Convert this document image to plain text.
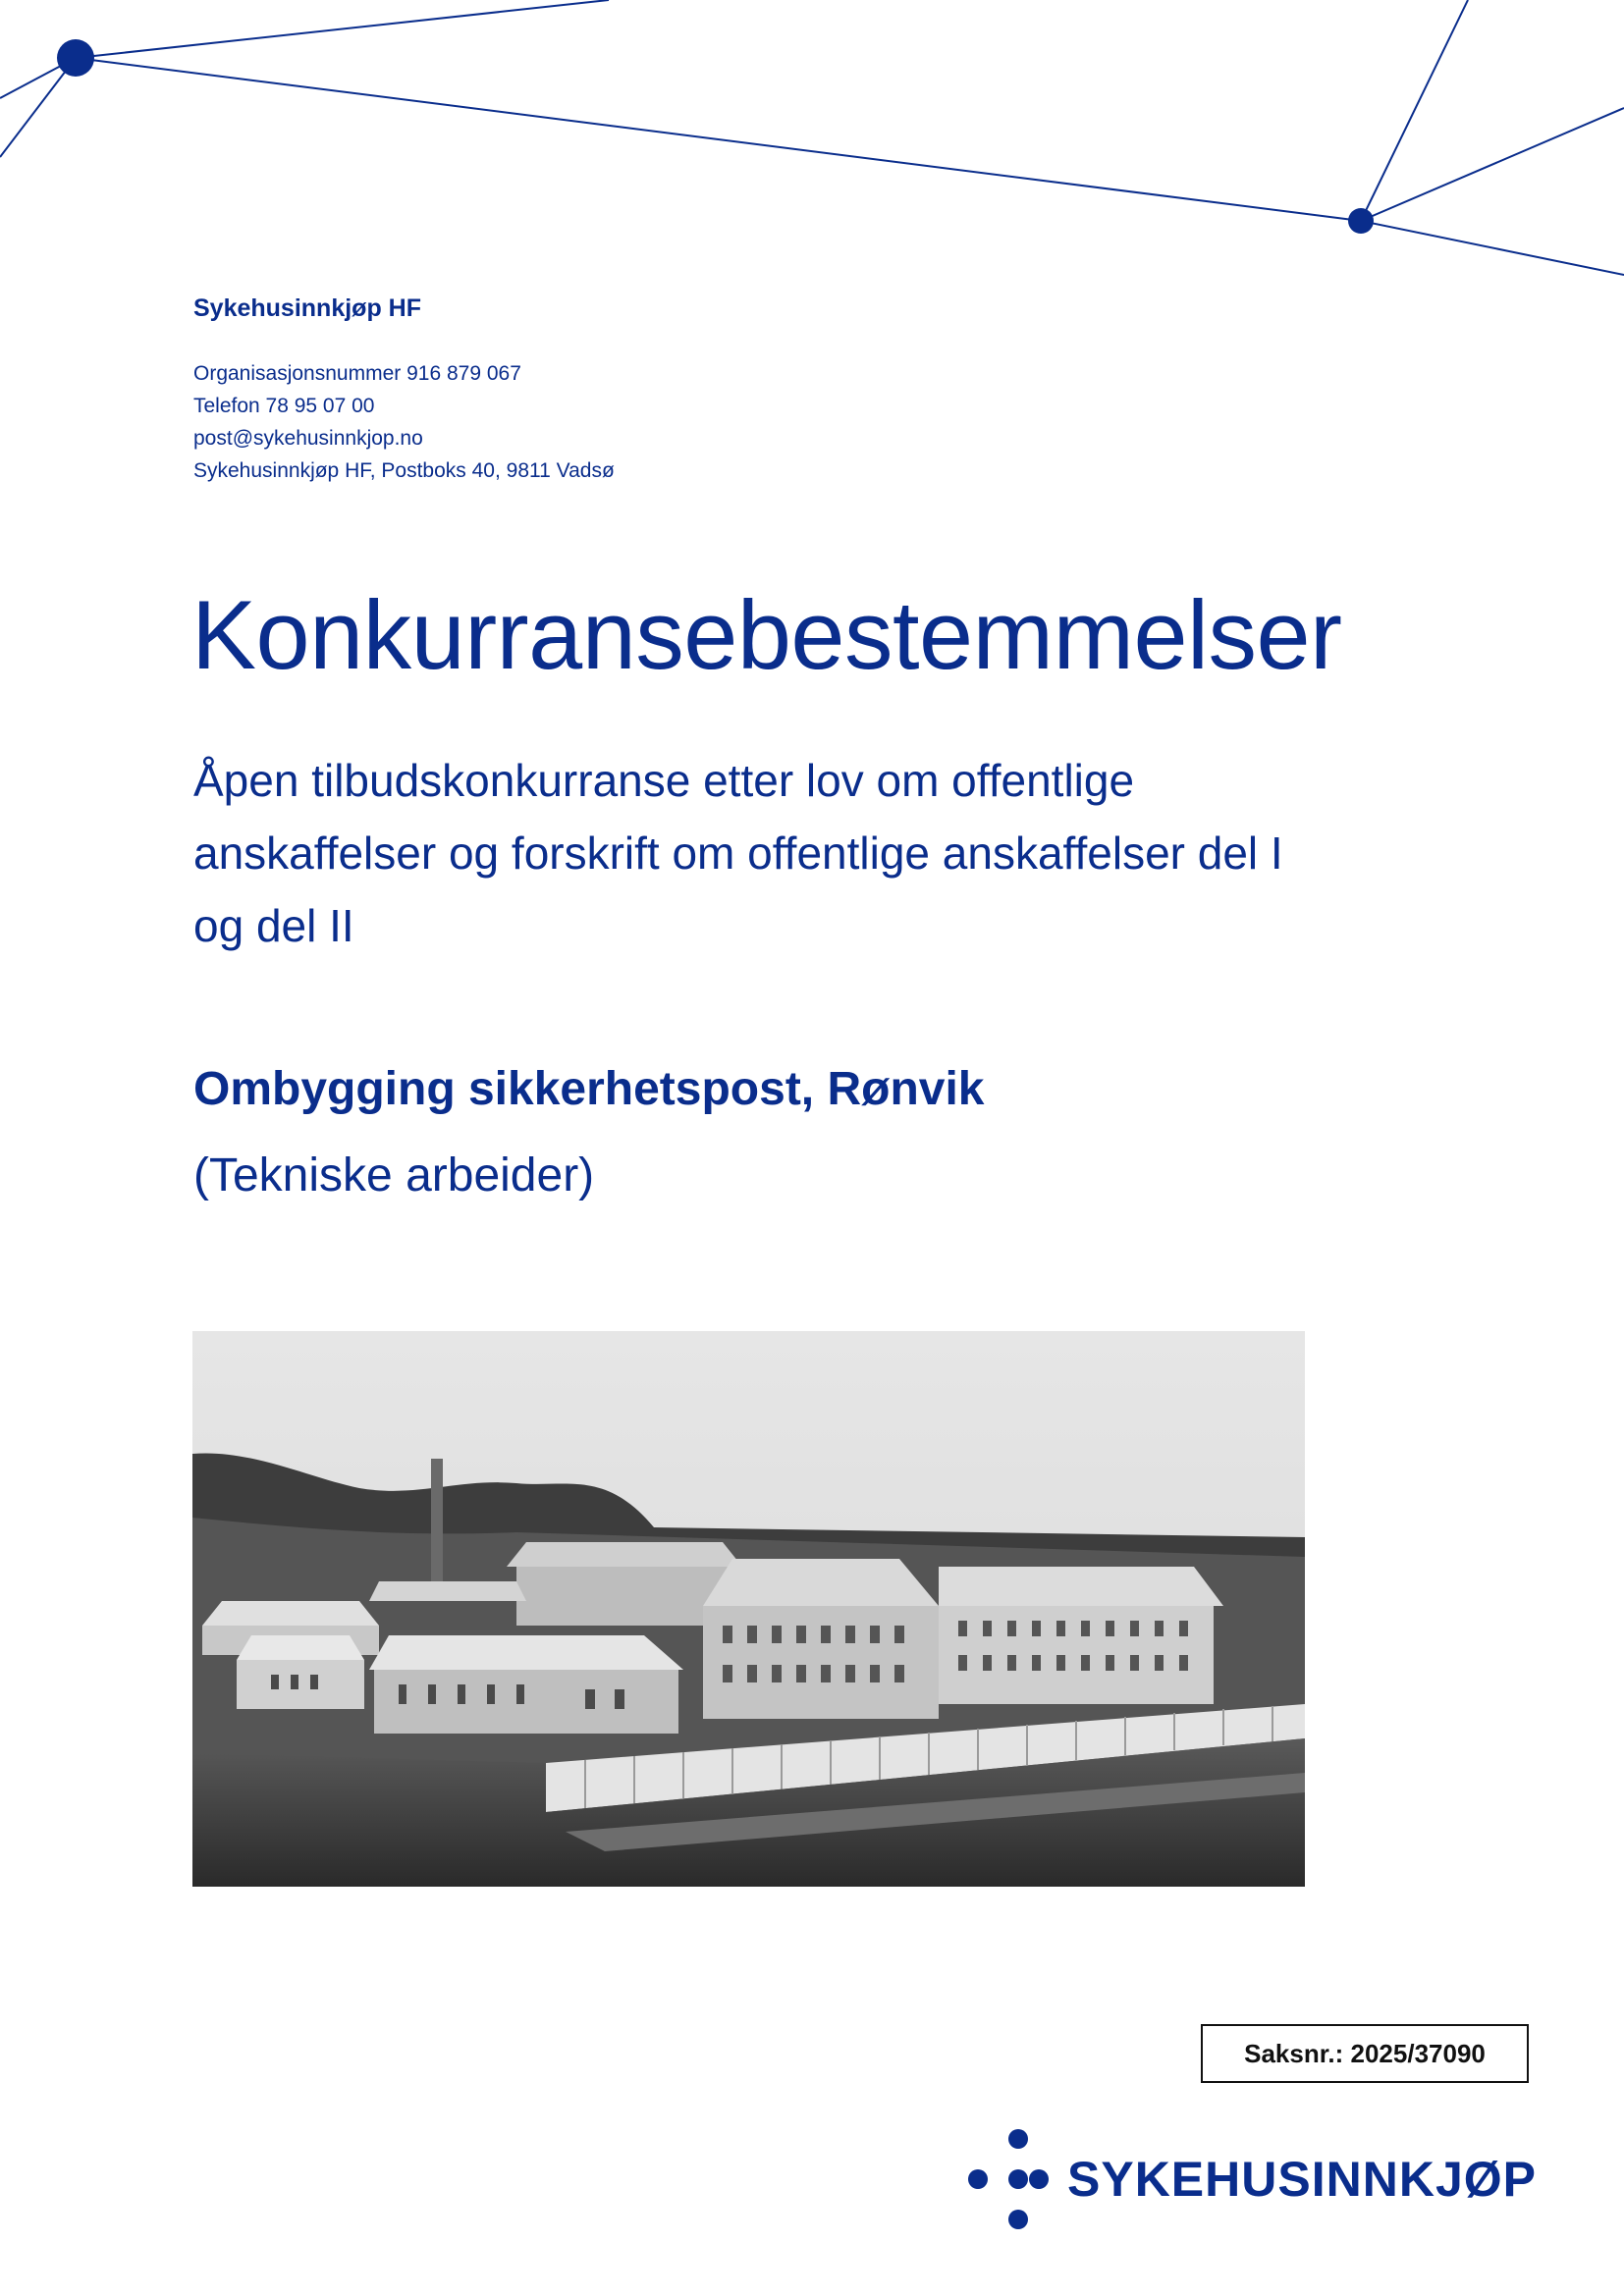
Sykehusinnkjøp HF
Organisasjonsnummer 916 879 067
Telefon 78 95 07 00
post@sykehusinnkjop.no
Sykehusinnkjøp HF, Postboks 40, 9811 Vadsø
Konkurransebestemmelser
Åpen tilbudskonkurranse etter lov om offentlige
anskaffelser og forskrift om offentlige anskaffelser del I
og del II
Ombygging sikkerhetspost, Rønvik
(Tekniske arbeider)
Saksnr.: 2025/37090
SYKEHUSINNKJØP
